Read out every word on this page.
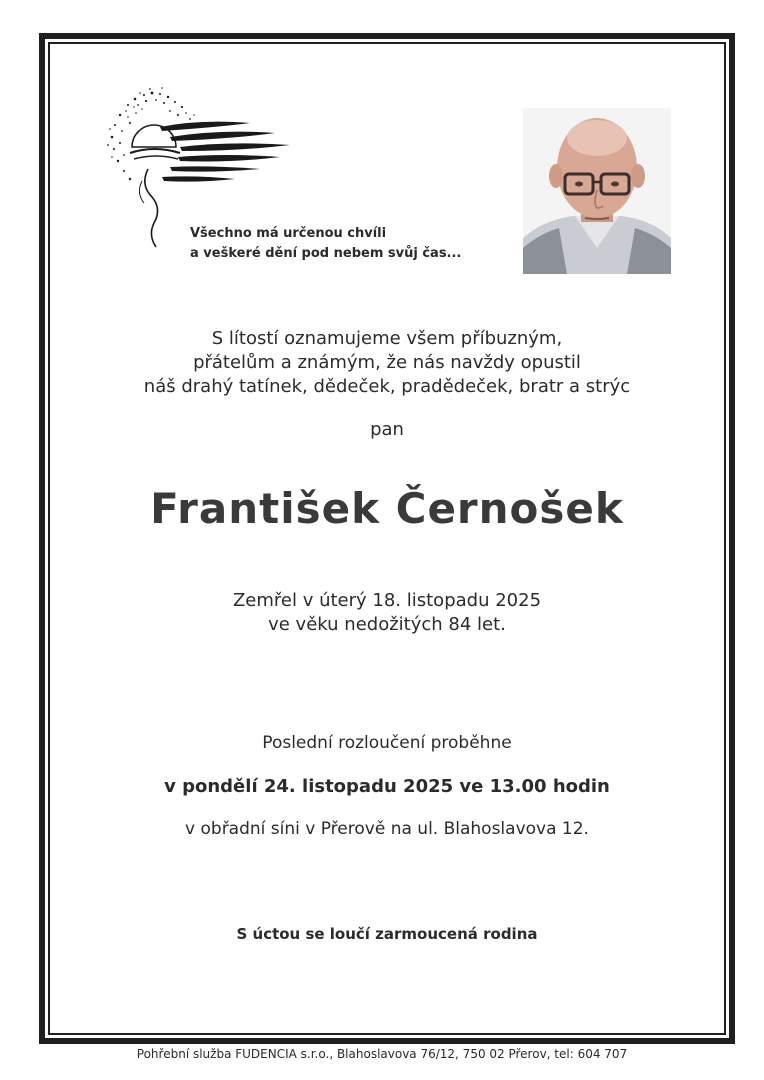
Všechno má určenou chvíli
a veškeré dění pod nebem svůj čas...
S lítostí oznamujeme všem příbuzným,
přátelům a známým, že nás navždy opustil
náš drahý tatínek, dědeček, pradědeček, bratr a strýc
pan
František Černošek
Zemřel v úterý 18. listopadu 2025
ve věku nedožitých 84 let.
Poslední rozloučení proběhne
v pondělí 24. listopadu 2025 ve 13.00 hodin
v obřadní síni v Přerově na ul. Blahoslavova 12.
S úctou se loučí zarmoucená rodina
Pohřební služba FUDENCIA s.r.o., Blahoslavova 76/12, 750 02 Přerov, tel: 604 707
